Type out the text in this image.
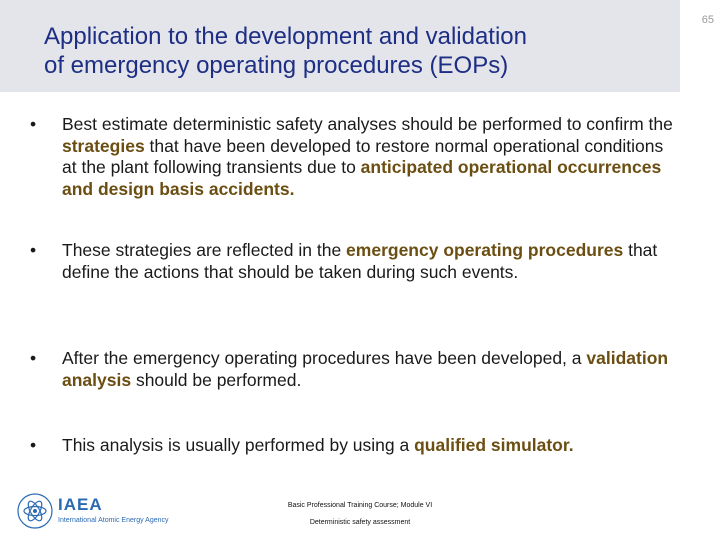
Application to the development and validation
of emergency operating procedures (EOPs)
65
• Best estimate deterministic safety analyses should be performed to confirm the strategies that have been developed to restore normal operational conditions at the plant following transients due to anticipated operational occurrences and design basis accidents.
• These strategies are reflected in the emergency operating procedures that define the actions that should be taken during such events.
• After the emergency operating procedures have been developed, a validation analysis should be performed.
• This analysis is usually performed by using a qualified simulator.
IAEA
International Atomic Energy Agency
Basic Professional Training Course; Module VI
Deterministic safety assessment
